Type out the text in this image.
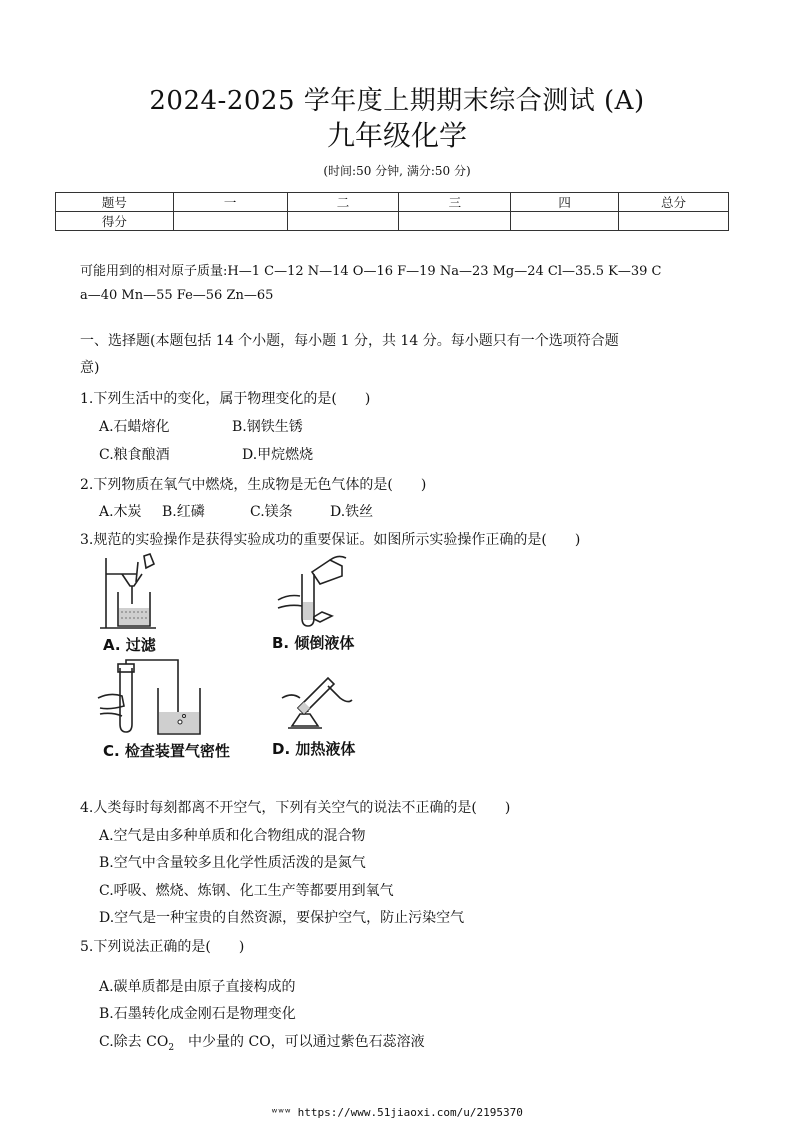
2024-2025 学年度上期期末综合测试 (A)
九年级化学
(时间:50 分钟, 满分:50 分)
题号	一	二	三	四	总分
得分					
可能用到的相对原子质量:H—1 C—12 N—14 O—16 F—19 Na—23 Mg—24 Cl—35.5 K—39 C
a—40 Mn—55 Fe—56 Zn—65
一、选择题(本题包括 14 个小题，每小题 1 分，共 14 分。每小题只有一个选项符合题
意)
1.下列生活中的变化，属于物理变化的是(　　)
A.石蜡熔化	B.钢铁生锈
C.粮食酿酒	D.甲烷燃烧
2.下列物质在氧气中燃烧，生成物是无色气体的是(　　)
A.木炭 B.红磷	C.镁条	D.铁丝
3.规范的实验操作是获得实验成功的重要保证。如图所示实验操作正确的是(　　)
A. 过滤	B. 倾倒液体
C. 检查装置气密性	D. 加热液体
4.人类每时每刻都离不开空气，下列有关空气的说法不正确的是(　　)
A.空气是由多种单质和化合物组成的混合物
B.空气中含量较多且化学性质活泼的是氮气
C.呼吸、燃烧、炼钢、化工生产等都要用到氧气
D.空气是一种宝贵的自然资源，要保护空气，防止污染空气
5.下列说法正确的是(　　)
A.碳单质都是由原子直接构成的
B.石墨转化成金刚石是物理变化
C.除去 $CO_2$　中少量的 CO，可以通过紫色石蕊溶液
ʷʷʷ https://www.51jiaoxi.com/u/2195370
